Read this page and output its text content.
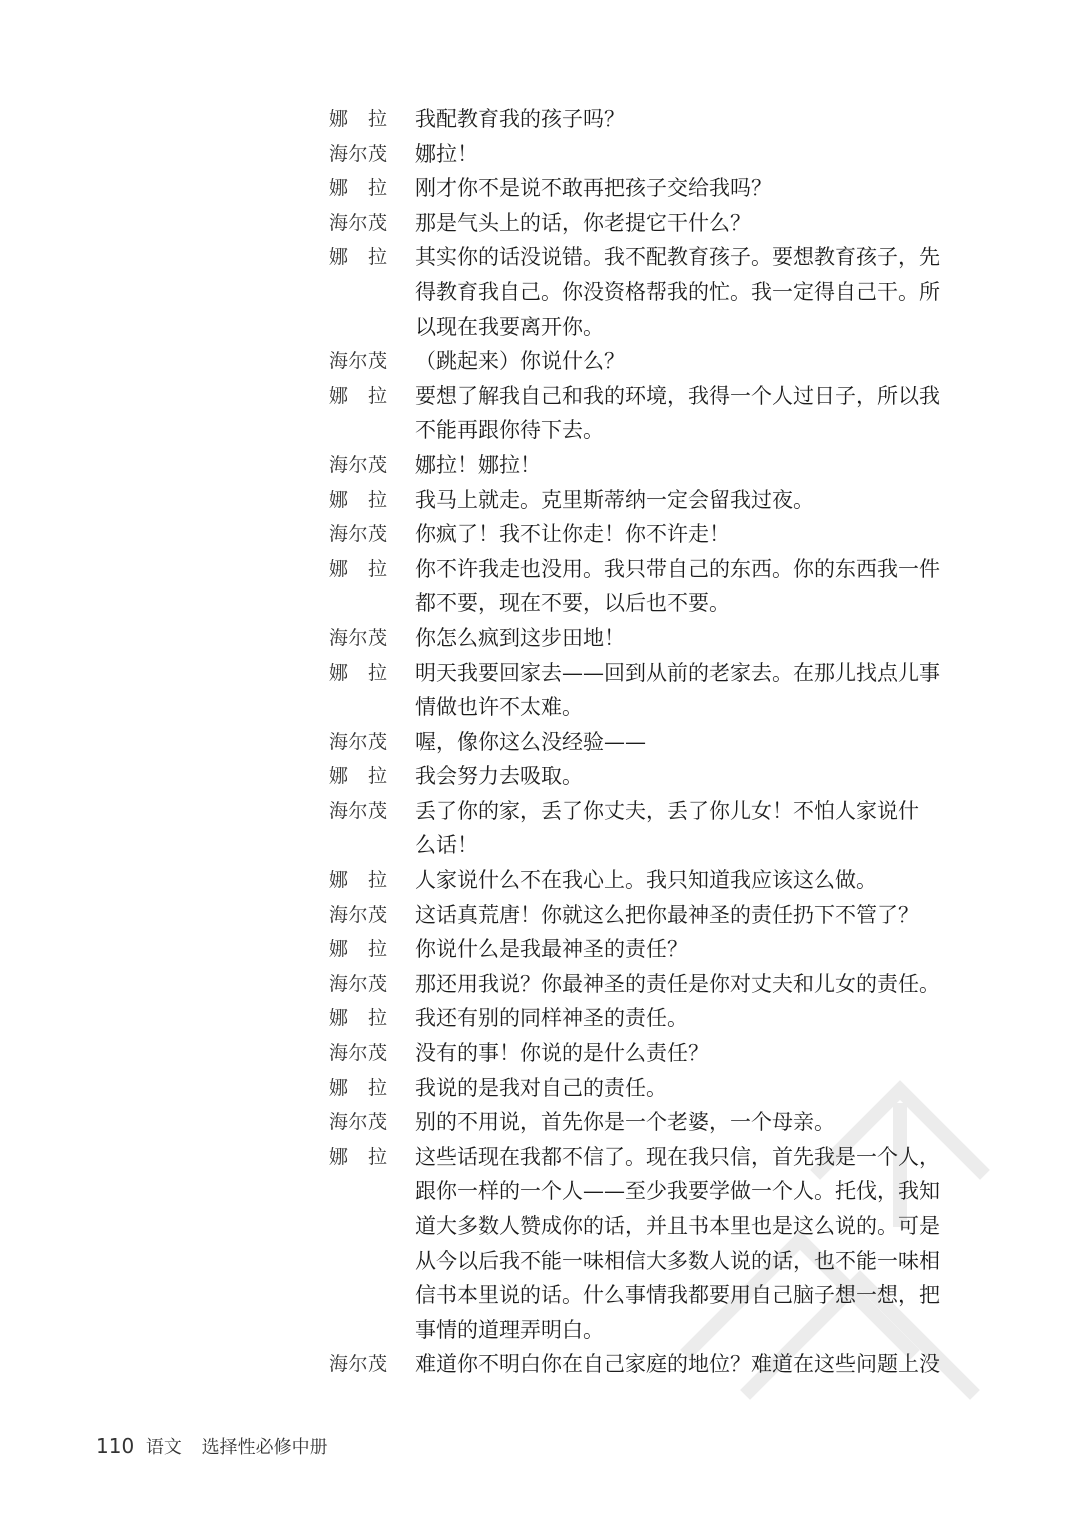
娜　拉	我配教育我的孩子吗？
海尔茂	娜拉！
娜　拉	刚才你不是说不敢再把孩子交给我吗？
海尔茂	那是气头上的话，你老提它干什么？
娜　拉	其实你的话没说错。我不配教育孩子。要想教育孩子，先
得教育我自己。你没资格帮我的忙。我一定得自己干。所
以现在我要离开你。
海尔茂	（跳起来）你说什么？
娜　拉	要想了解我自己和我的环境，我得一个人过日子，所以我
不能再跟你待下去。
海尔茂	娜拉！娜拉！
娜　拉	我马上就走。克里斯蒂纳一定会留我过夜。
海尔茂	你疯了！我不让你走！你不许走！
娜　拉	你不许我走也没用。我只带自己的东西。你的东西我一件
都不要，现在不要，以后也不要。
海尔茂	你怎么疯到这步田地！
娜　拉	明天我要回家去——回到从前的老家去。在那儿找点儿事
情做也许不太难。
海尔茂	喔，像你这么没经验——
娜　拉	我会努力去吸取。
海尔茂	丢了你的家，丢了你丈夫，丢了你儿女！不怕人家说什
么话！
娜　拉	人家说什么不在我心上。我只知道我应该这么做。
海尔茂	这话真荒唐！你就这么把你最神圣的责任扔下不管了？
娜　拉	你说什么是我最神圣的责任？
海尔茂	那还用我说？你最神圣的责任是你对丈夫和儿女的责任。
娜　拉	我还有别的同样神圣的责任。
海尔茂	没有的事！你说的是什么责任？
娜　拉	我说的是我对自己的责任。
海尔茂	别的不用说，首先你是一个老婆，一个母亲。
娜　拉	这些话现在我都不信了。现在我只信，首先我是一个人，
跟你一样的一个人——至少我要学做一个人。托伐，我知
道大多数人赞成你的话，并且书本里也是这么说的。可是
从今以后我不能一味相信大多数人说的话，也不能一味相
信书本里说的话。什么事情我都要用自己脑子想一想，把
事情的道理弄明白。
海尔茂	难道你不明白你在自己家庭的地位？难道在这些问题上没
110 语文 选择性必修中册
